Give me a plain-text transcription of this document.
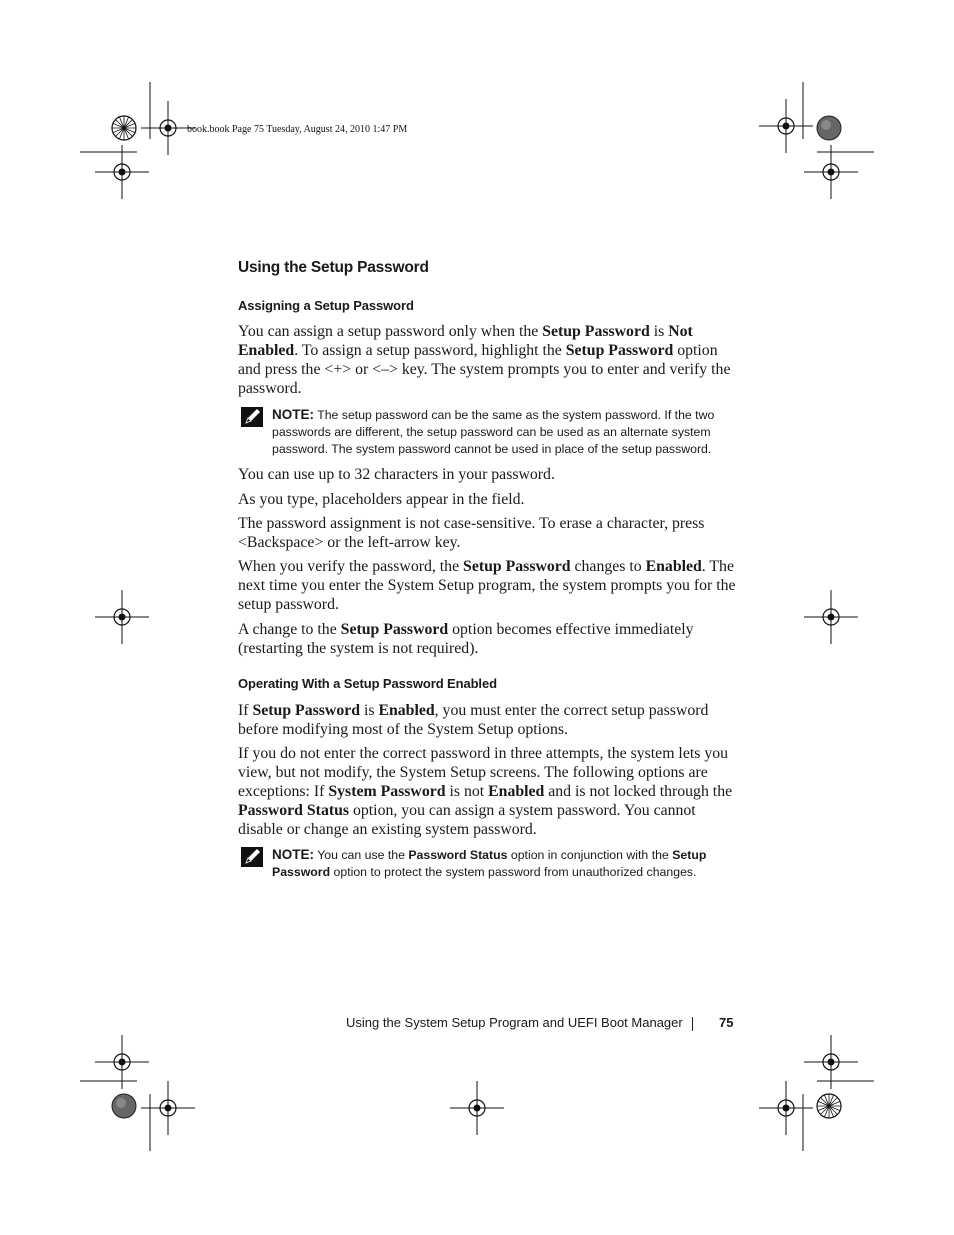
book.book Page 75 Tuesday, August 24, 2010 1:47 PM
Using the Setup Password
Assigning a Setup Password
You can assign a setup password only when the Setup Password is Not Enabled. To assign a setup password, highlight the Setup Password option and press the <+> or <–> key. The system prompts you to enter and verify the password.
NOTE: The setup password can be the same as the system password. If the two passwords are different, the setup password can be used as an alternate system password. The system password cannot be used in place of the setup password.
You can use up to 32 characters in your password.
As you type, placeholders appear in the field.
The password assignment is not case-sensitive. To erase a character, press <Backspace> or the left-arrow key.
When you verify the password, the Setup Password changes to Enabled. The next time you enter the System Setup program, the system prompts you for the setup password.
A change to the Setup Password option becomes effective immediately (restarting the system is not required).
Operating With a Setup Password Enabled
If Setup Password is Enabled, you must enter the correct setup password before modifying most of the System Setup options.
If you do not enter the correct password in three attempts, the system lets you view, but not modify, the System Setup screens. The following options are exceptions: If System Password is not Enabled and is not locked through the Password Status option, you can assign a system password. You cannot disable or change an existing system password.
NOTE: You can use the Password Status option in conjunction with the Setup Password option to protect the system password from unauthorized changes.
Using the System Setup Program and UEFI Boot Manager	75
